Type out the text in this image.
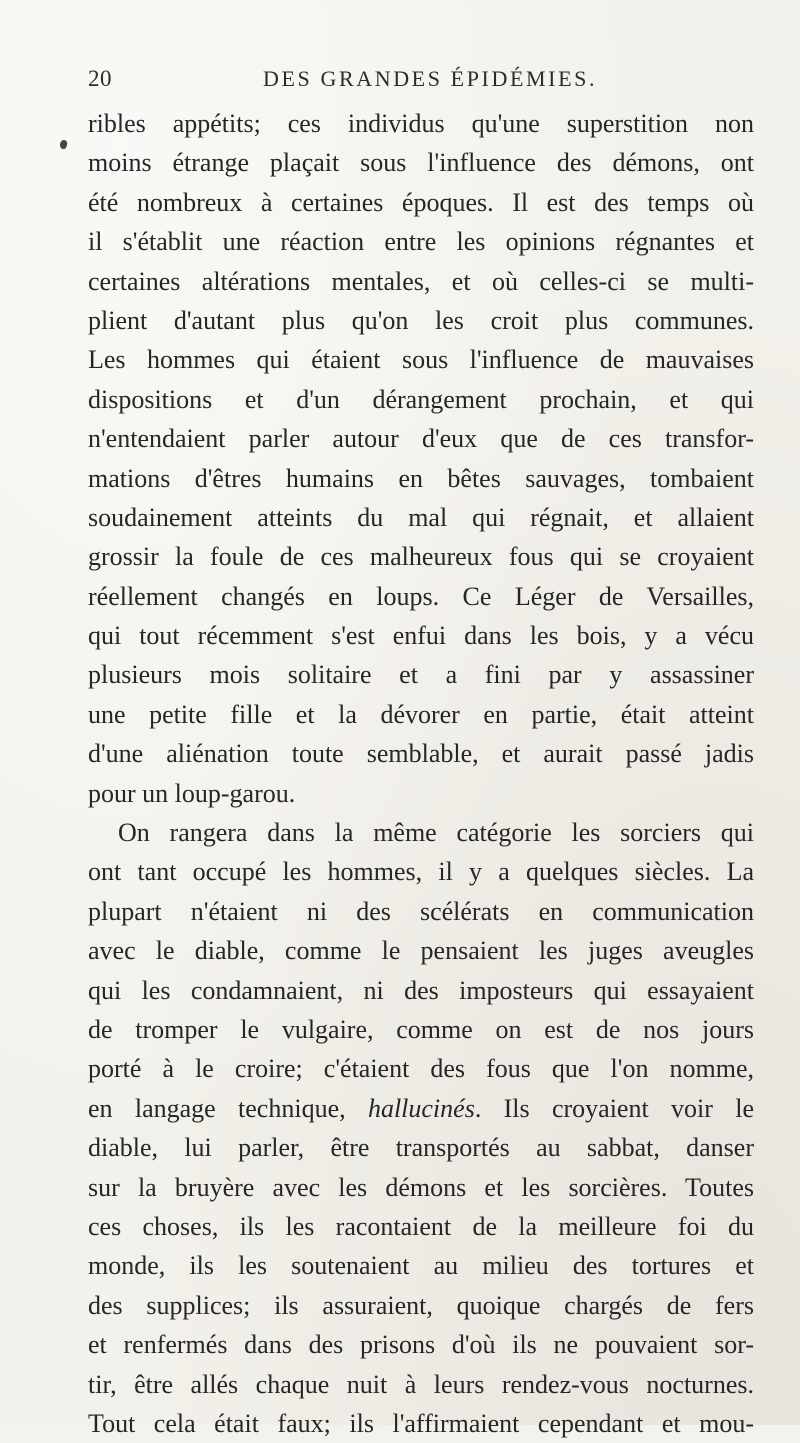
20	DES GRANDES ÉPIDÉMIES.
ribles appétits; ces individus qu'une superstition non
moins étrange plaçait sous l'influence des démons, ont
été nombreux à certaines époques. Il est des temps où
il s'établit une réaction entre les opinions régnantes et
certaines altérations mentales, et où celles-ci se multi-
plient d'autant plus qu'on les croit plus communes.
Les hommes qui étaient sous l'influence de mauvaises
dispositions et d'un dérangement prochain, et qui
n'entendaient parler autour d'eux que de ces transfor-
mations d'êtres humains en bêtes sauvages, tombaient
soudainement atteints du mal qui régnait, et allaient
grossir la foule de ces malheureux fous qui se croyaient
réellement changés en loups. Ce Léger de Versailles,
qui tout récemment s'est enfui dans les bois, y a vécu
plusieurs mois solitaire et a fini par y assassiner
une petite fille et la dévorer en partie, était atteint
d'une aliénation toute semblable, et aurait passé jadis
pour un loup-garou.
On rangera dans la même catégorie les sorciers qui
ont tant occupé les hommes, il y a quelques siècles. La
plupart n'étaient ni des scélérats en communication
avec le diable, comme le pensaient les juges aveugles
qui les condamnaient, ni des imposteurs qui essayaient
de tromper le vulgaire, comme on est de nos jours
porté à le croire; c'étaient des fous que l'on nomme,
en langage technique, hallucinés. Ils croyaient voir le
diable, lui parler, être transportés au sabbat, danser
sur la bruyère avec les démons et les sorcières. Toutes
ces choses, ils les racontaient de la meilleure foi du
monde, ils les soutenaient au milieu des tortures et
des supplices; ils assuraient, quoique chargés de fers
et renfermés dans des prisons d'où ils ne pouvaient sor-
tir, être allés chaque nuit à leurs rendez-vous nocturnes.
Tout cela était faux; ils l'affirmaient cependant et mou-
